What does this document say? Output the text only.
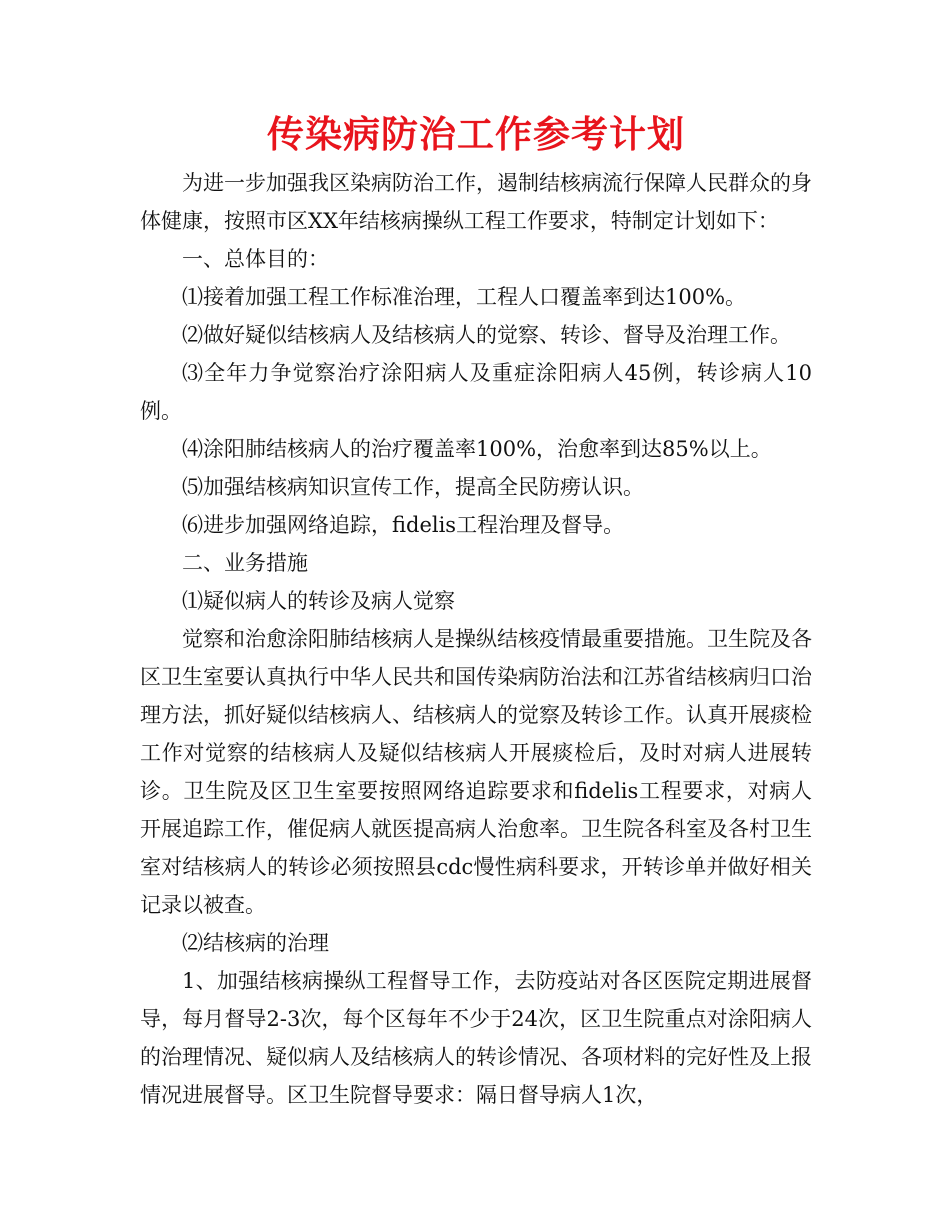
传染病防治工作参考计划

为进一步加强我区染病防治工作，遏制结核病流行保障人民群众的身体健康，按照市区XX年结核病操纵工程工作要求，特制定计划如下：

一、总体目的：

⑴接着加强工程工作标准治理，工程人口覆盖率到达100%。

⑵做好疑似结核病人及结核病人的觉察、转诊、督导及治理工作。

⑶全年力争觉察治疗涂阳病人及重症涂阳病人45例，转诊病人10例。

⑷涂阳肺结核病人的治疗覆盖率100%，治愈率到达85%以上。

⑸加强结核病知识宣传工作，提高全民防痨认识。

⑹进步加强网络追踪，fidelis工程治理及督导。

二、业务措施

⑴疑似病人的转诊及病人觉察

觉察和治愈涂阳肺结核病人是操纵结核疫情最重要措施。卫生院及各区卫生室要认真执行中华人民共和国传染病防治法和江苏省结核病归口治理方法，抓好疑似结核病人、结核病人的觉察及转诊工作。认真开展痰检工作对觉察的结核病人及疑似结核病人开展痰检后，及时对病人进展转诊。卫生院及区卫生室要按照网络追踪要求和fidelis工程要求，对病人开展追踪工作，催促病人就医提高病人治愈率。卫生院各科室及各村卫生室对结核病人的转诊必须按照县cdc慢性病科要求，开转诊单并做好相关记录以被查。

⑵结核病的治理

1、加强结核病操纵工程督导工作，去防疫站对各区医院定期进展督导，每月督导2-3次，每个区每年不少于24次，区卫生院重点对涂阳病人的治理情况、疑似病人及结核病人的转诊情况、各项材料的完好性及上报情况进展督导。区卫生院督导要求：隔日督导病人1次，
